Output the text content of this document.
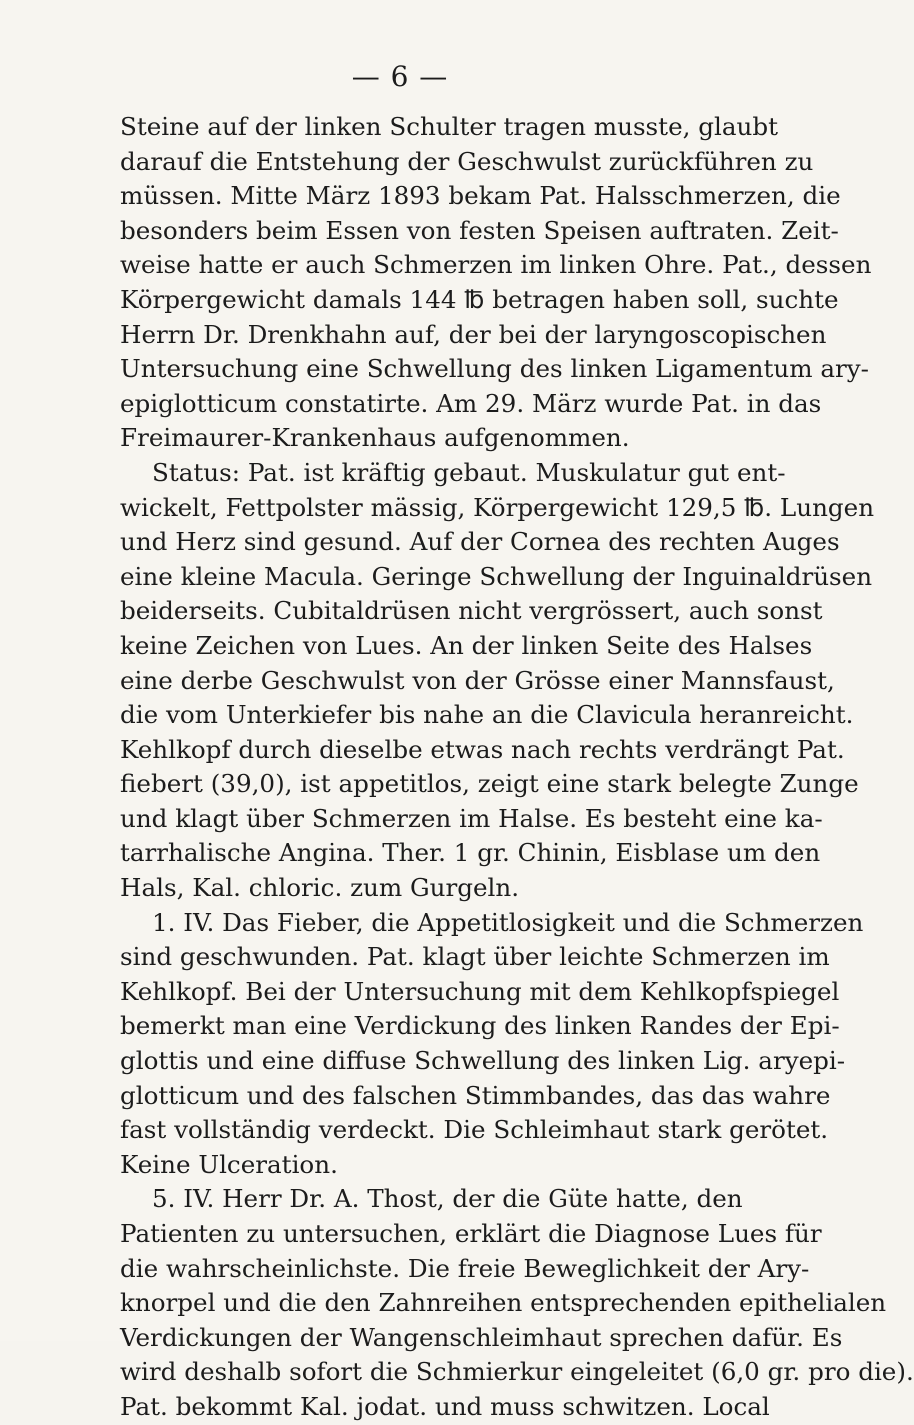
— 6 —
Steine auf der linken Schulter tragen musste, glaubt
darauf die Entstehung der Geschwulst zurückführen zu
müssen. Mitte März 1893 bekam Pat. Halsschmerzen, die
besonders beim Essen von festen Speisen auftraten. Zeit-
weise hatte er auch Schmerzen im linken Ohre. Pat., dessen
Körpergewicht damals 144 ℔ betragen haben soll, suchte
Herrn Dr. Drenkhahn auf, der bei der laryngoscopischen
Untersuchung eine Schwellung des linken Ligamentum ary-
epiglotticum constatirte. Am 29. März wurde Pat. in das
Freimaurer-Krankenhaus aufgenommen.
Status: Pat. ist kräftig gebaut. Muskulatur gut ent-
wickelt, Fettpolster mässig, Körpergewicht 129,5 ℔. Lungen
und Herz sind gesund. Auf der Cornea des rechten Auges
eine kleine Macula. Geringe Schwellung der Inguinaldrüsen
beiderseits. Cubitaldrüsen nicht vergrössert, auch sonst
keine Zeichen von Lues. An der linken Seite des Halses
eine derbe Geschwulst von der Grösse einer Mannsfaust,
die vom Unterkiefer bis nahe an die Clavicula heranreicht.
Kehlkopf durch dieselbe etwas nach rechts verdrängt Pat.
fiebert (39,0), ist appetitlos, zeigt eine stark belegte Zunge
und klagt über Schmerzen im Halse. Es besteht eine ka-
tarrhalische Angina. Ther. 1 gr. Chinin, Eisblase um den
Hals, Kal. chloric. zum Gurgeln.
1. IV. Das Fieber, die Appetitlosigkeit und die Schmerzen
sind geschwunden. Pat. klagt über leichte Schmerzen im
Kehlkopf. Bei der Untersuchung mit dem Kehlkopfspiegel
bemerkt man eine Verdickung des linken Randes der Epi-
glottis und eine diffuse Schwellung des linken Lig. aryepi-
glotticum und des falschen Stimmbandes, das das wahre
fast vollständig verdeckt. Die Schleimhaut stark gerötet.
Keine Ulceration.
5. IV. Herr Dr. A. Thost, der die Güte hatte, den
Patienten zu untersuchen, erklärt die Diagnose Lues für
die wahrscheinlichste. Die freie Beweglichkeit der Ary-
knorpel und die den Zahnreihen entsprechenden epithelialen
Verdickungen der Wangenschleimhaut sprechen dafür. Es
wird deshalb sofort die Schmierkur eingeleitet (6,0 gr. pro die).
Pat. bekommt Kal. jodat. und muss schwitzen. Local
